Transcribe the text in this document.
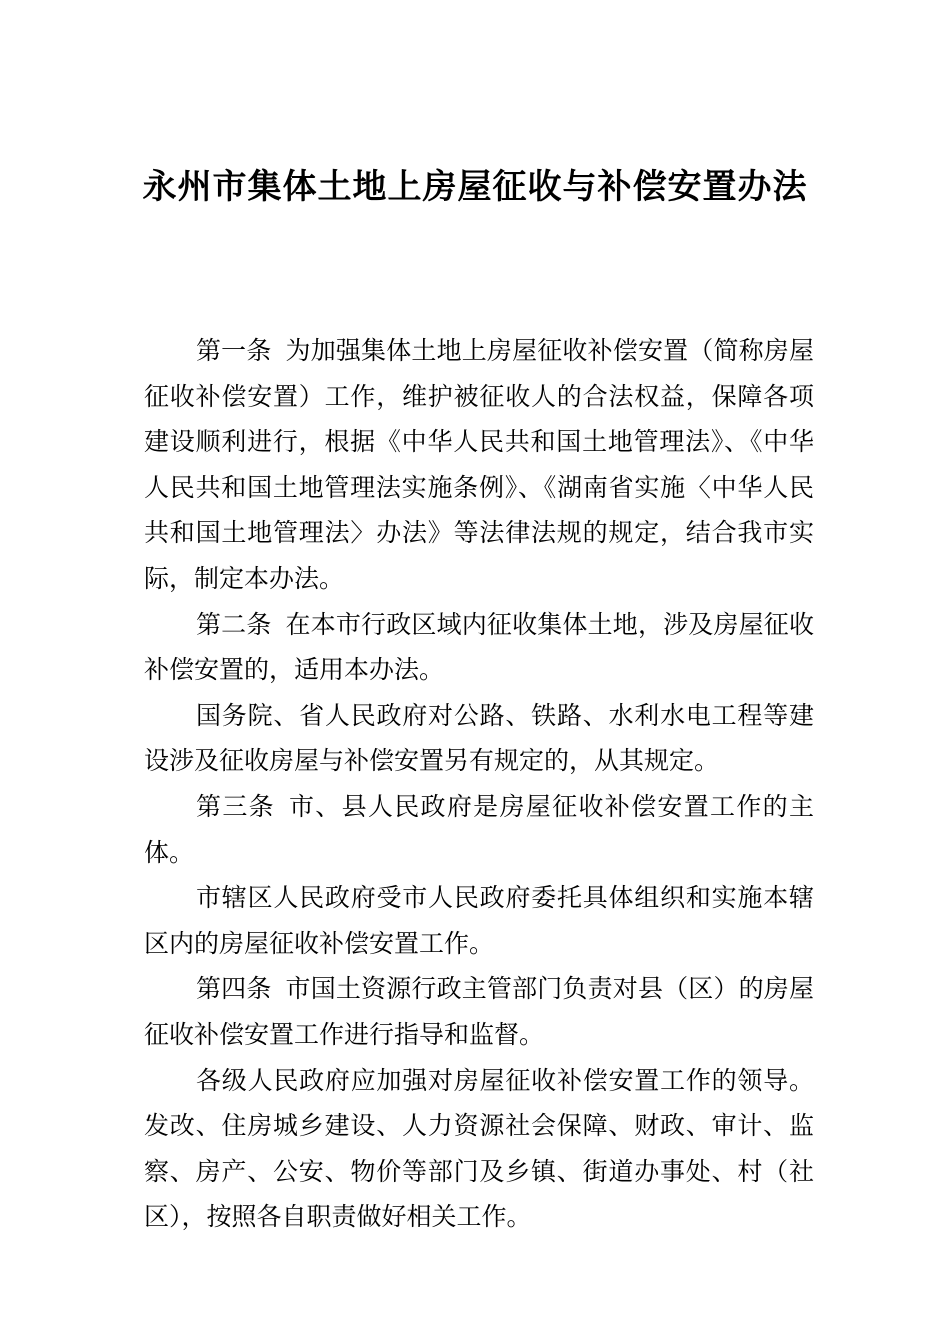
永州市集体土地上房屋征收与补偿安置办法

第一条 为加强集体土地上房屋征收补偿安置（简称房屋征收补偿安置）工作，维护被征收人的合法权益，保障各项建设顺利进行，根据《中华人民共和国土地管理法》、《中华人民共和国土地管理法实施条例》、《湖南省实施〈中华人民共和国土地管理法〉办法》等法律法规的规定，结合我市实际，制定本办法。

第二条 在本市行政区域内征收集体土地，涉及房屋征收补偿安置的，适用本办法。

国务院、省人民政府对公路、铁路、水利水电工程等建设涉及征收房屋与补偿安置另有规定的，从其规定。

第三条 市、县人民政府是房屋征收补偿安置工作的主体。

市辖区人民政府受市人民政府委托具体组织和实施本辖区内的房屋征收补偿安置工作。

第四条 市国土资源行政主管部门负责对县（区）的房屋征收补偿安置工作进行指导和监督。

各级人民政府应加强对房屋征收补偿安置工作的领导。发改、住房城乡建设、人力资源社会保障、财政、审计、监察、房产、公安、物价等部门及乡镇、街道办事处、村（社区），按照各自职责做好相关工作。
